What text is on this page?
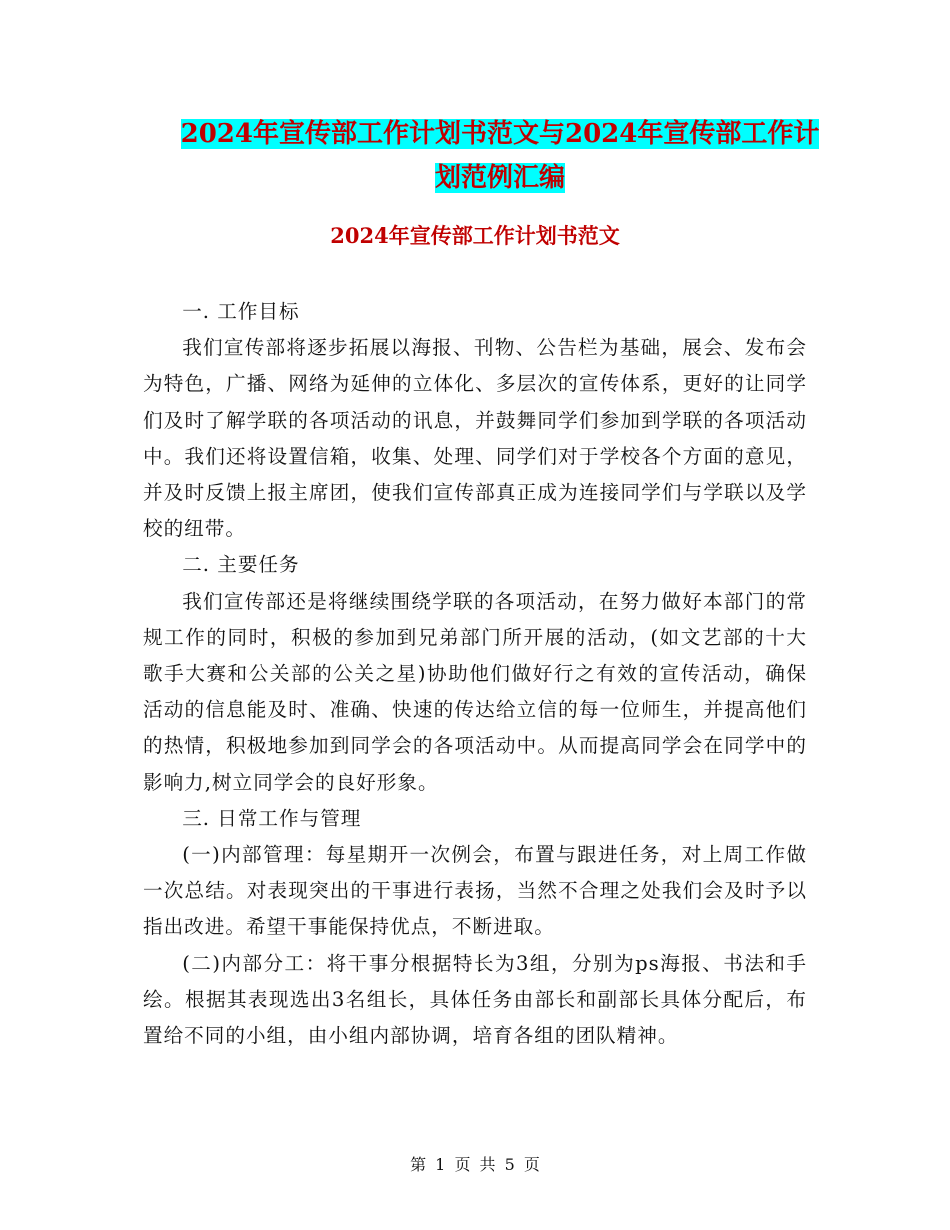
2024年宣传部工作计划书范文与2024年宣传部工作计
划范例汇编
2024年宣传部工作计划书范文

一. 工作目标

我们宣传部将逐步拓展以海报、刊物、公告栏为基础，展会、发布会为特色，广播、网络为延伸的立体化、多层次的宣传体系，更好的让同学们及时了解学联的各项活动的讯息，并鼓舞同学们参加到学联的各项活动中。我们还将设置信箱，收集、处理、同学们对于学校各个方面的意见，并及时反馈上报主席团，使我们宣传部真正成为连接同学们与学联以及学校的纽带。

二. 主要任务

我们宣传部还是将继续围绕学联的各项活动，在努力做好本部门的常规工作的同时，积极的参加到兄弟部门所开展的活动，(如文艺部的十大歌手大赛和公关部的公关之星)协助他们做好行之有效的宣传活动，确保活动的信息能及时、准确、快速的传达给立信的每一位师生，并提高他们的热情，积极地参加到同学会的各项活动中。从而提高同学会在同学中的影响力,树立同学会的良好形象。

三. 日常工作与管理

(一)内部管理：每星期开一次例会，布置与跟进任务，对上周工作做一次总结。对表现突出的干事进行表扬，当然不合理之处我们会及时予以指出改进。希望干事能保持优点，不断进取。

(二)内部分工：将干事分根据特长为3组，分别为ps海报、书法和手绘。根据其表现选出3名组长，具体任务由部长和副部长具体分配后，布置给不同的小组，由小组内部协调，培育各组的团队精神。

第 1 页 共 5 页
